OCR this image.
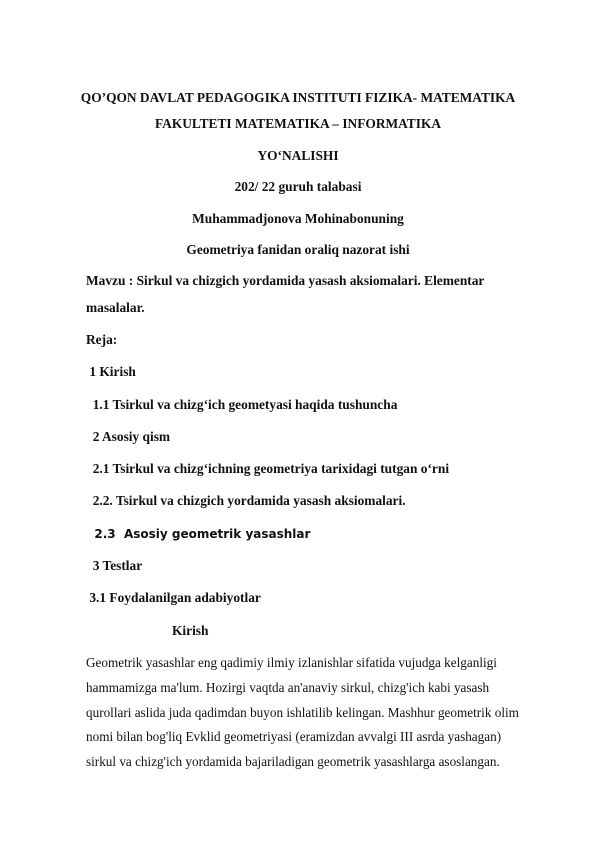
QO’QON DAVLAT PEDAGOGIKA INSTITUTI FIZIKA- MATEMATIKA
FAKULTETI MATEMATIKA – INFORMATIKA
YO‘NALISHI
202/ 22 guruh talabasi
Muhammadjonova Mohinabonuning
Geometriya fanidan oraliq nazorat ishi
Mavzu : Sirkul va chizgich yordamida yasash aksiomalari. Elementar
masalalar.
Reja:
1 Kirish
1.1 Tsirkul va chizg‘ich geometyasi haqida tushuncha
2 Asosiy qism
2.1 Tsirkul va chizg‘ichning geometriya tarixidagi tutgan o‘rni
2.2. Tsirkul va chizgich yordamida yasash aksiomalari.
2.3  Asosiy geometrik yasashlar
3 Testlar
3.1 Foydalanilgan adabiyotlar
Kirish
Geometrik yasashlar eng qadimiy ilmiy izlanishlar sifatida vujudga kelganligi
hammamizga ma'lum. Hozirgi vaqtda an'anaviy sirkul, chizg'ich kabi yasash
qurollari aslida juda qadimdan buyon ishlatilib kelingan. Mashhur geometrik olim
nomi bilan bog'liq Evklid geometriyasi (eramizdan avvalgi III asrda yashagan)
sirkul va chizg'ich yordamida bajariladigan geometrik yasashlarga asoslangan.
